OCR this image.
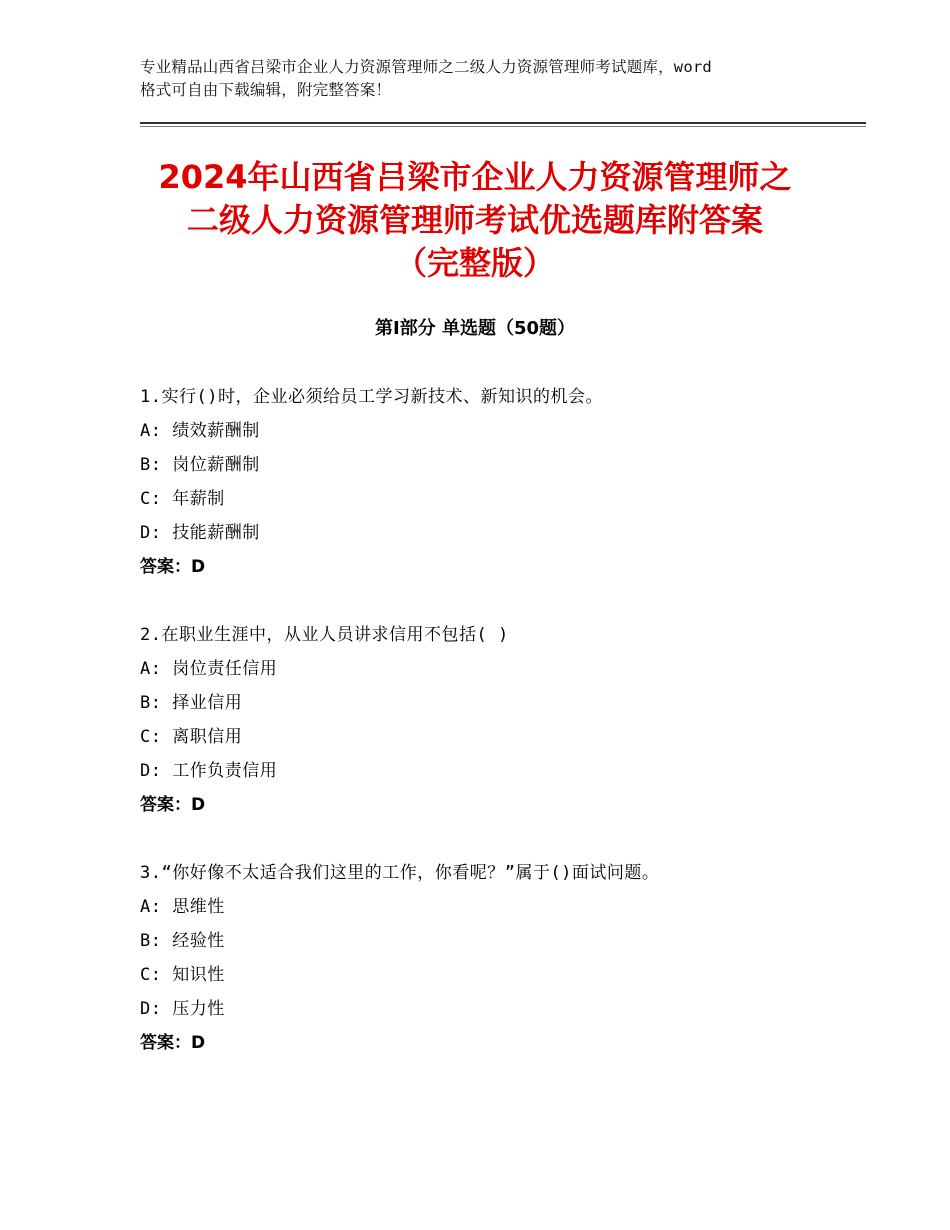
专业精品山西省吕梁市企业人力资源管理师之二级人力资源管理师考试题库，word
格式可自由下载编辑，附完整答案！
2024年山西省吕梁市企业人力资源管理师之
二级人力资源管理师考试优选题库附答案
（完整版）
第I部分 单选题（50题）
1.实行()时，企业必须给员工学习新技术、新知识的机会。
A: 绩效薪酬制
B: 岗位薪酬制
C: 年薪制
D: 技能薪酬制
答案：D
2.在职业生涯中，从业人员讲求信用不包括( )
A: 岗位责任信用
B: 择业信用
C: 离职信用
D: 工作负责信用
答案：D
3.“你好像不太适合我们这里的工作，你看呢？”属于()面试问题。
A: 思维性
B: 经验性
C: 知识性
D: 压力性
答案：D
